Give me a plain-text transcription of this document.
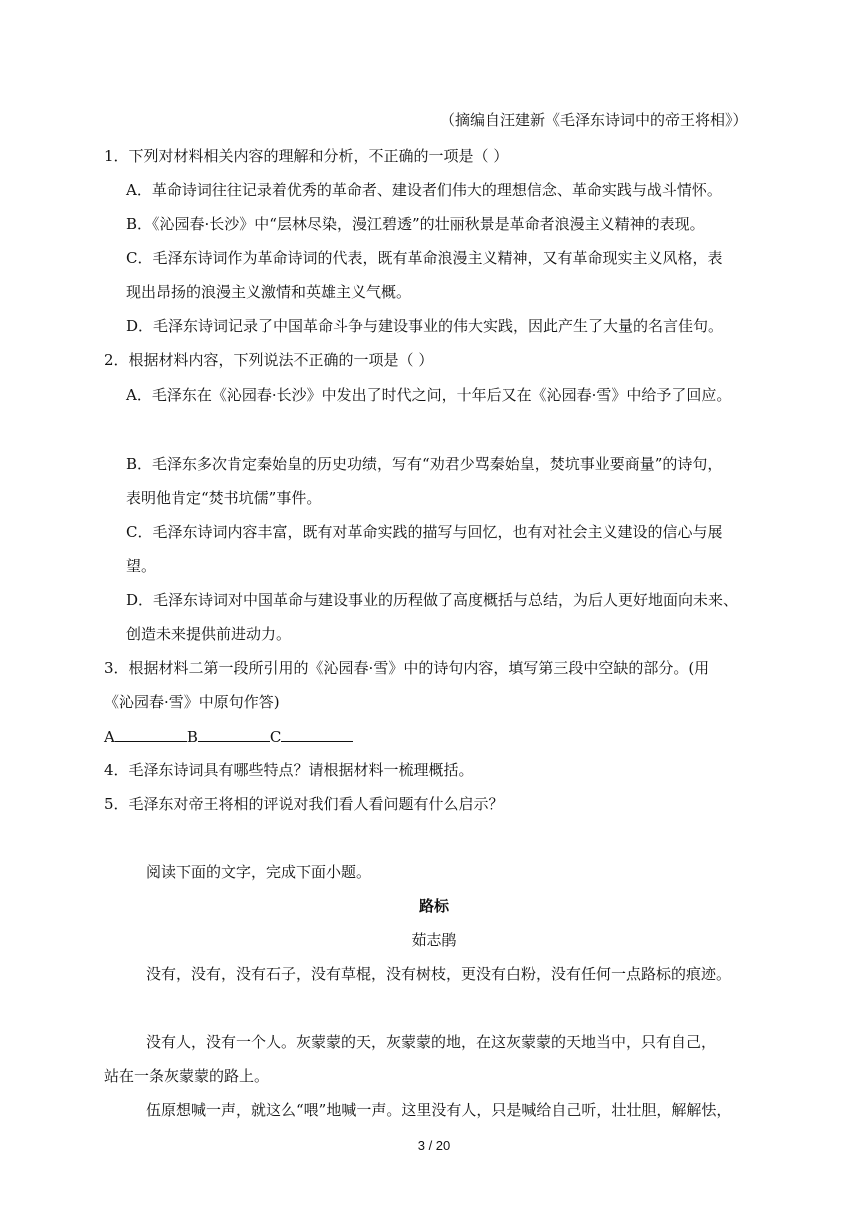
（摘编自汪建新《毛泽东诗词中的帝王将相》）
1．下列对材料相关内容的理解和分析，不正确的一项是（ ）
A．革命诗词往往记录着优秀的革命者、建设者们伟大的理想信念、革命实践与战斗情怀。
B．《沁园春·长沙》中“层林尽染，漫江碧透”的壮丽秋景是革命者浪漫主义精神的表现。
C．毛泽东诗词作为革命诗词的代表，既有革命浪漫主义精神，又有革命现实主义风格，表
现出昂扬的浪漫主义激情和英雄主义气概。
D．毛泽东诗词记录了中国革命斗争与建设事业的伟大实践，因此产生了大量的名言佳句。
2．根据材料内容，下列说法不正确的一项是（ ）
A．毛泽东在《沁园春·长沙》中发出了时代之问，十年后又在《沁园春·雪》中给予了回应。
B．毛泽东多次肯定秦始皇的历史功绩，写有“劝君少骂秦始皇，焚坑事业要商量”的诗句，
表明他肯定“焚书坑儒”事件。
C．毛泽东诗词内容丰富，既有对革命实践的描写与回忆，也有对社会主义建设的信心与展
望。
D．毛泽东诗词对中国革命与建设事业的历程做了高度概括与总结，为后人更好地面向未来、
创造未来提供前进动力。
3．根据材料二第一段所引用的《沁园春·雪》中的诗句内容，填写第三段中空缺的部分。(用
《沁园春·雪》中原句作答)
A	B	C
4．毛泽东诗词具有哪些特点？请根据材料一梳理概括。
5．毛泽东对帝王将相的评说对我们看人看问题有什么启示？
阅读下面的文字，完成下面小题。
路标
茹志鹃
没有，没有，没有石子，没有草棍，没有树枝，更没有白粉，没有任何一点路标的痕迹。
没有人，没有一个人。灰蒙蒙的天，灰蒙蒙的地，在这灰蒙蒙的天地当中，只有自己，
站在一条灰蒙蒙的路上。
伍原想喊一声，就这么“喂”地喊一声。这里没有人，只是喊给自己听，壮壮胆，解解怯，
3 / 20
